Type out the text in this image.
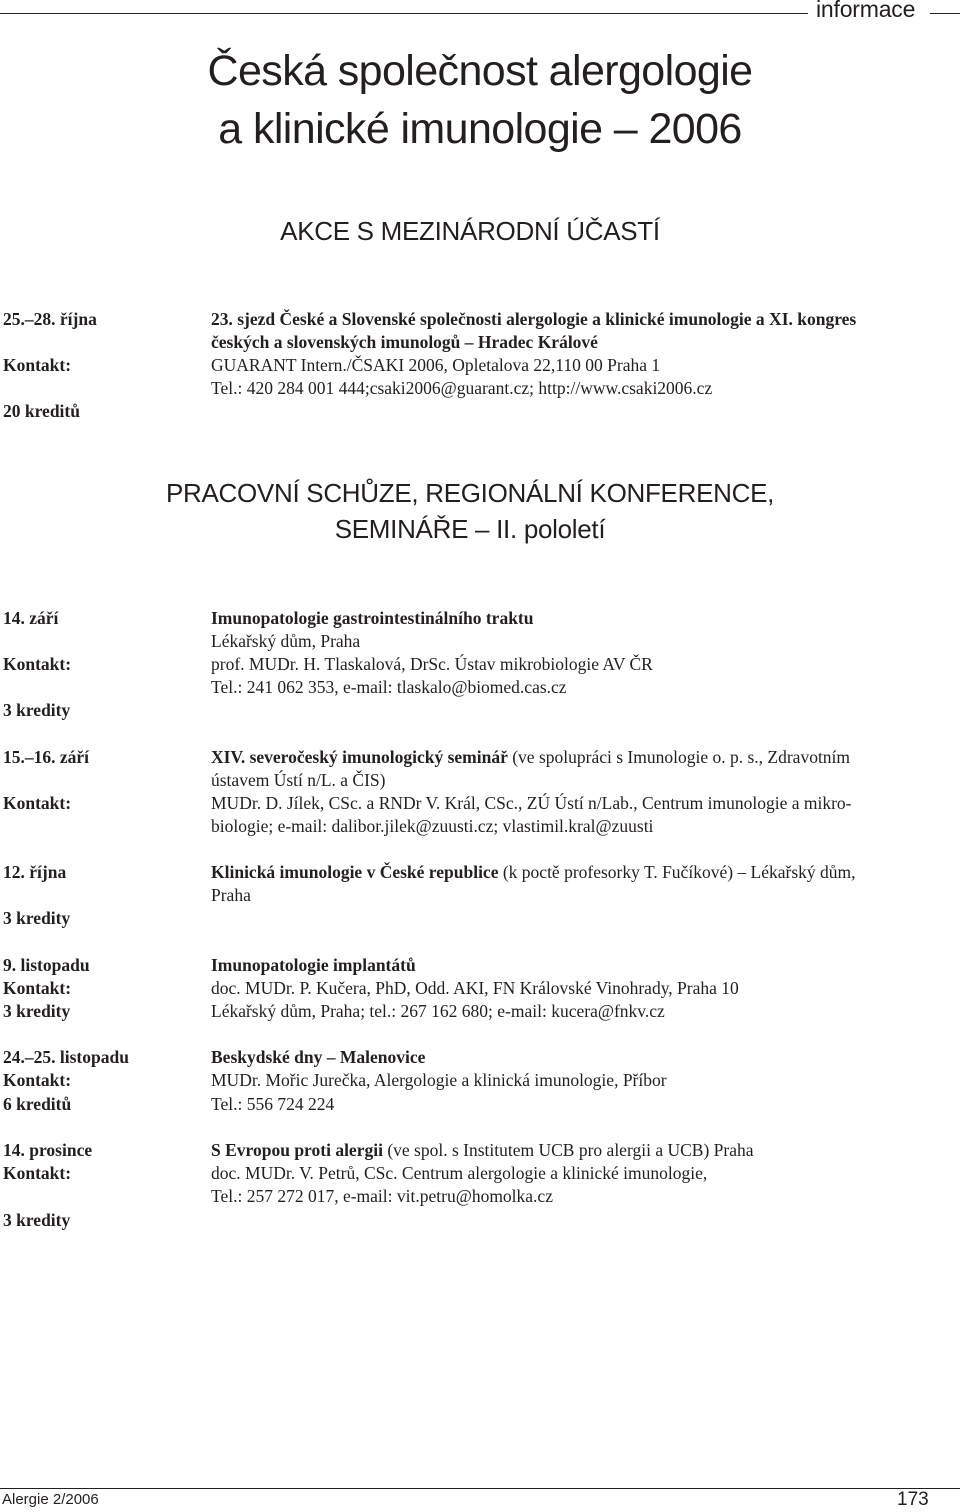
informace
Česká společnost alergologie
a klinické imunologie – 2006
AKCE S MEZINÁRODNÍ ÚČASTÍ
25.–28. října	23. sjezd České a Slovenské společnosti alergologie a klinické imunologie a XI. kongres
českých a slovenských imunologů – Hradec Králové
Kontakt:	GUARANT Intern./ČSAKI 2006, Opletalova 22,110 00 Praha 1
Tel.: 420 284 001 444;csaki2006@guarant.cz; http://www.csaki2006.cz
20 kreditů
PRACOVNÍ SCHŮZE, REGIONÁLNÍ KONFERENCE,
SEMINÁŘE – II. pololetí
14. září	Imunopatologie gastrointestinálního traktu
Lékařský dům, Praha
Kontakt:	prof. MUDr. H. Tlaskalová, DrSc. Ústav mikrobiologie AV ČR
Tel.: 241 062 353, e-mail: tlaskalo@biomed.cas.cz
3 kredity
15.–16. září	XIV. severočeský imunologický seminář (ve spolupráci s Imunologie o. p. s., Zdravotním
ústavem Ústí n/L. a ČIS)
Kontakt:	MUDr. D. Jílek, CSc. a RNDr V. Král, CSc., ZÚ Ústí n/Lab., Centrum imunologie a mikro-
biologie; e-mail: dalibor.jilek@zuusti.cz; vlastimil.kral@zuusti
12. října	Klinická imunologie v České republice (k poctě profesorky T. Fučíkové) – Lékařský dům,
Praha
3 kredity
9. listopadu	Imunopatologie implantátů
Kontakt:	doc. MUDr. P. Kučera, PhD, Odd. AKI, FN Královské Vinohrady, Praha 10
3 kredity	Lékařský dům, Praha; tel.: 267 162 680; e-mail: kucera@fnkv.cz
24.–25. listopadu	Beskydské dny – Malenovice
Kontakt:	MUDr. Mořic Jurečka, Alergologie a klinická imunologie, Příbor
6 kreditů	Tel.: 556 724 224
14. prosince	S Evropou proti alergii (ve spol. s Institutem UCB pro alergii a UCB) Praha
Kontakt:	doc. MUDr. V. Petrů, CSc. Centrum alergologie a klinické imunologie,
Tel.: 257 272 017, e-mail: vit.petru@homolka.cz
3 kredity
Alergie 2/2006	173
